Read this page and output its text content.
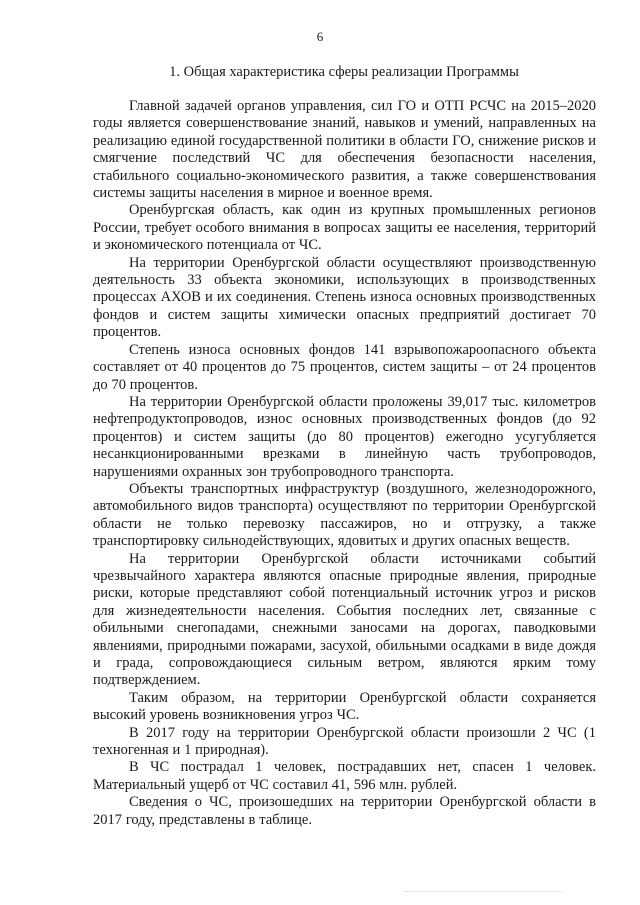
6
1. Общая характеристика сферы реализации Программы

Главной задачей органов управления, сил ГО и ОТП РСЧС на 2015–2020 годы является совершенствование знаний, навыков и умений, направленных на реализацию единой государственной политики в области ГО, снижение рисков и смягчение последствий ЧС для обеспечения безопасности населения, стабильного социально-экономического развития, а также совершенствования системы защиты населения в мирное и военное время.

Оренбургская область, как один из крупных промышленных регионов России, требует особого внимания в вопросах защиты ее населения, территорий и экономического потенциала от ЧС.

На территории Оренбургской области осуществляют производственную деятельность 33 объекта экономики, использующих в производственных процессах АХОВ и их соединения. Степень износа основных производственных фондов и систем защиты химически опасных предприятий достигает 70 процентов.

Степень износа основных фондов 141 взрывопожароопасного объекта составляет от 40 процентов до 75 процентов, систем защиты – от 24 процентов до 70 процентов.

На территории Оренбургской области проложены 39,017 тыс. километров нефтепродуктопроводов, износ основных производственных фондов (до 92 процентов) и систем защиты (до 80 процентов) ежегодно усугубляется несанкционированными врезками в линейную часть трубопроводов, нарушениями охранных зон трубопроводного транспорта.

Объекты транспортных инфраструктур (воздушного, железнодорожного, автомобильного видов транспорта) осуществляют по территории Оренбургской области не только перевозку пассажиров, но и отгрузку, а также транспортировку сильнодействующих, ядовитых и других опасных веществ.

На территории Оренбургской области источниками событий чрезвычайного характера являются опасные природные явления, природные риски, которые представляют собой потенциальный источник угроз и рисков для жизнедеятельности населения. События последних лет, связанные с обильными снегопадами, снежными заносами на дорогах, паводковыми явлениями, природными пожарами, засухой, обильными осадками в виде дождя и града, сопровождающиеся сильным ветром, являются ярким тому подтверждением.

Таким образом, на территории Оренбургской области сохраняется высокий уровень возникновения угроз ЧС.

В 2017 году на территории Оренбургской области произошли 2 ЧС (1 техногенная и 1 природная).

В ЧС пострадал 1 человек, пострадавших нет, спасен 1 человек. Материальный ущерб от ЧС составил 41, 596 млн. рублей.

Сведения о ЧС, произошедших на территории Оренбургской области в 2017 году, представлены в таблице.
